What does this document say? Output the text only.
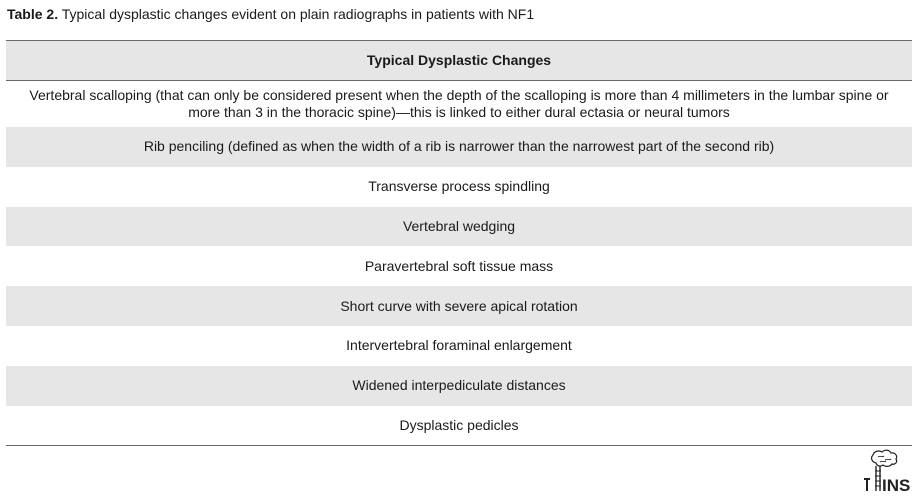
Table 2. Typical dysplastic changes evident on plain radiographs in patients with NF1
Typical Dysplastic Changes
Vertebral scalloping (that can only be considered present when the depth of the scalloping is more than 4 millimeters in the lumbar spine or more than 3 in the thoracic spine)—this is linked to either dural ectasia or neural tumors
Rib penciling (defined as when the width of a rib is narrower than the narrowest part of the second rib)
Transverse process spindling
Vertebral wedging
Paravertebral soft tissue mass
Short curve with severe apical rotation
Intervertebral foraminal enlargement
Widened interpediculate distances
Dysplastic pedicles
INS
